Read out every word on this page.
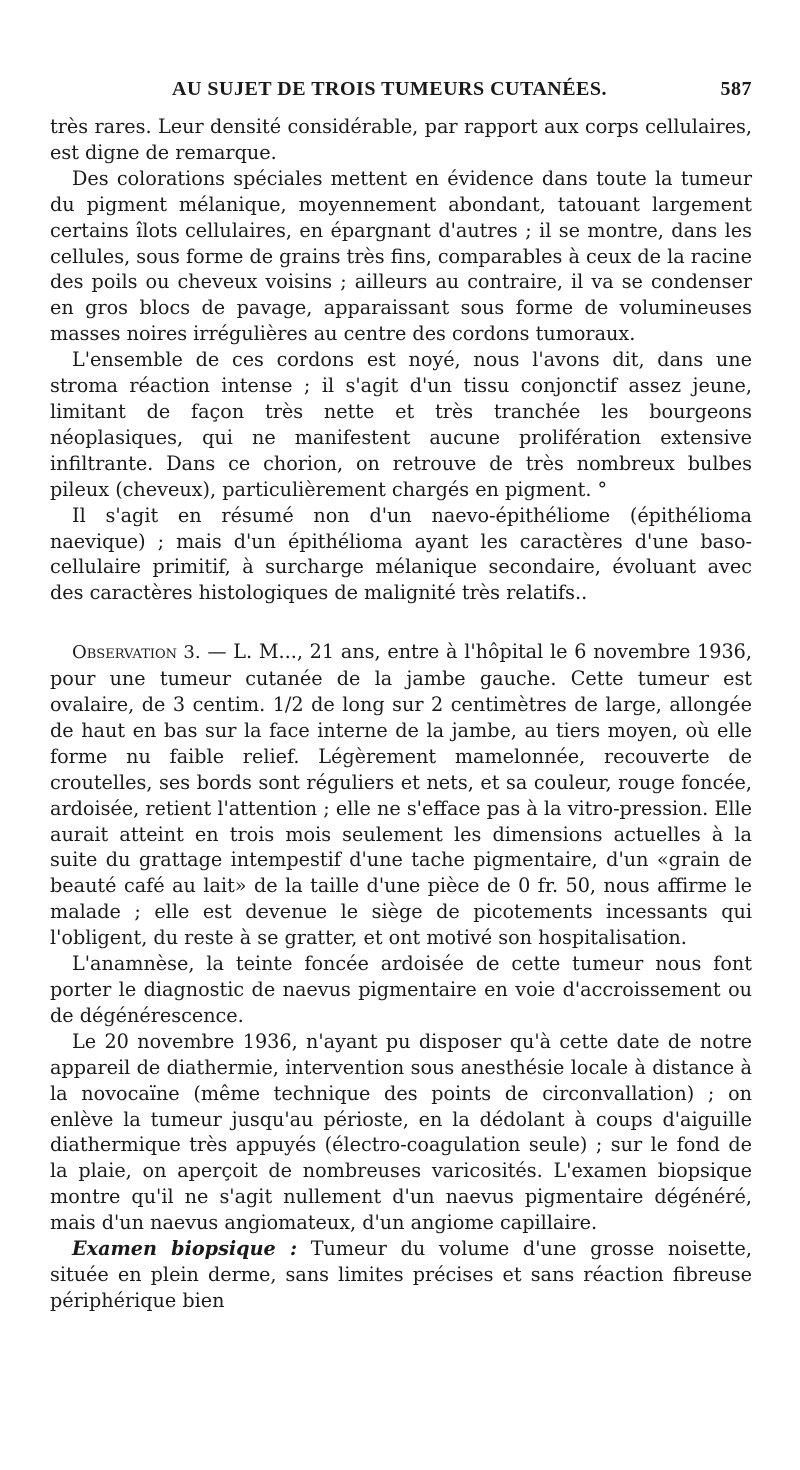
AU SUJET DE TROIS TUMEURS CUTANÉES.	587

très rares. Leur densité considérable, par rapport aux corps cellulaires, est digne de remarque.

Des colorations spéciales mettent en évidence dans toute la tumeur du pigment mélanique, moyennement abondant, tatouant largement certains îlots cellulaires, en épargnant d'autres ; il se montre, dans les cellules, sous forme de grains très fins, comparables à ceux de la racine des poils ou cheveux voisins ; ailleurs au contraire, il va se condenser en gros blocs de pavage, apparaissant sous forme de volumineuses masses noires irrégulières au centre des cordons tumoraux.

L'ensemble de ces cordons est noyé, nous l'avons dit, dans une stroma réaction intense ; il s'agit d'un tissu conjonctif assez jeune, limitant de façon très nette et très tranchée les bourgeons néoplasiques, qui ne manifestent aucune prolifération extensive infiltrante. Dans ce chorion, on retrouve de très nombreux bulbes pileux (cheveux), particulièrement chargés en pigment. °

Il s'agit en résumé non d'un naevo-épithéliome (épithélioma naevique) ; mais d'un épithélioma ayant les caractères d'une baso-cellulaire primitif, à surcharge mélanique secondaire, évoluant avec des caractères histologiques de malignité très relatifs..

Observation 3. — L. M..., 21 ans, entre à l'hôpital le 6 novembre 1936, pour une tumeur cutanée de la jambe gauche. Cette tumeur est ovalaire, de 3 centim. 1/2 de long sur 2 centimètres de large, allongée de haut en bas sur la face interne de la jambe, au tiers moyen, où elle forme nu faible relief. Légèrement mamelonnée, recouverte de croutelles, ses bords sont réguliers et nets, et sa couleur, rouge foncée, ardoisée, retient l'attention ; elle ne s'efface pas à la vitro-pression. Elle aurait atteint en trois mois seulement les dimensions actuelles à la suite du grattage intempestif d'une tache pigmentaire, d'un «grain de beauté café au lait» de la taille d'une pièce de 0 fr. 50, nous affirme le malade ; elle est devenue le siège de picotements incessants qui l'obligent, du reste à se gratter, et ont motivé son hospitalisation.

L'anamnèse, la teinte foncée ardoisée de cette tumeur nous font porter le diagnostic de naevus pigmentaire en voie d'accroissement ou de dégénérescence.

Le 20 novembre 1936, n'ayant pu disposer qu'à cette date de notre appareil de diathermie, intervention sous anesthésie locale à distance à la novocaïne (même technique des points de circonvallation) ; on enlève la tumeur jusqu'au périoste, en la dédolant à coups d'aiguille diathermique très appuyés (électro-coagulation seule) ; sur le fond de la plaie, on aperçoit de nombreuses varicosités. L'examen biopsique montre qu'il ne s'agit nullement d'un naevus pigmentaire dégénéré, mais d'un naevus angiomateux, d'un angiome capillaire.

Examen biopsique : Tumeur du volume d'une grosse noisette, située en plein derme, sans limites précises et sans réaction fibreuse périphérique bien
